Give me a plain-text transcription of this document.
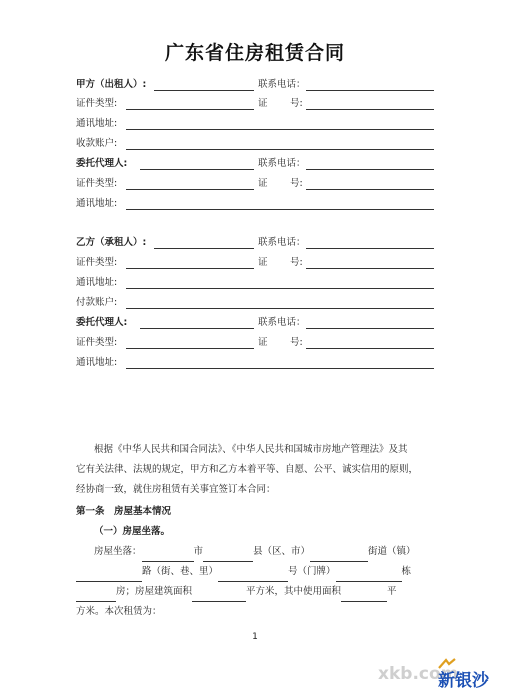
广东省住房租赁合同
甲方（出租人）:	联系电话：
证件类型:	证 号:
通讯地址:
收款账户:
委托代理人:	联系电话：
证件类型:	证 号:
通讯地址:
乙方（承租人）:	联系电话：
证件类型:	证 号:
通讯地址:
付款账户:
委托代理人:	联系电话：
证件类型:	证 号:
通讯地址:
根据《中华人民共和国合同法》、《中华人民共和国城市房地产管理法》及其
它有关法律、法规的规定，甲方和乙方本着平等、自愿、公平、诚实信用的原则，
经协商一致，就住房租赁有关事宜签订本合同：
第一条　房屋基本情况
（一）房屋坐落。
房屋坐落：	市	县（区、市）	街道（镇）
路（街、巷、里）	号（门牌）	栋
房；房屋建筑面积	平方米，其中使用面积	平
方米。本次租赁为：
1
xkb.com
新银沙
